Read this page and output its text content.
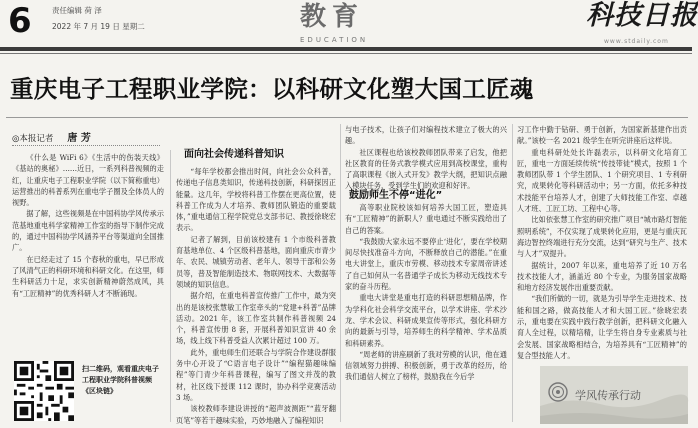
6	责任编辑 荷 泽
2022 年 7 月 19 日 星期二	教育
EDUCATION
科技日报
www.stdaily.com
重庆电子工程职业学院：以科研文化塑大国工匠魂
◎本报记者 唐 芳

《什么是 WiFi 6》《生活中的伤装天线》《基站的奥秘》……近日，一系列科普视频的走红，让重庆电子工程职业学院（以下简称重电）运营推出的科普系列在重电学子圈及全体员人的视野。

据了解，这些视频是在中国科协学风传承示范基地重电科学家精神工作室的指导下制作完成的，通过中国科协学风涵养平台等渠道向全国推广。

在已经走过了 15 个春秋的重电，早已形成了风清气正的科研环境和科研文化。在这里，师生科研活力十足，求实创新精神蔚然成风，具有“工匠精神”的优秀科研人才不断涌现。

扫二维码，观看重庆电子工程职业学院科普视频《区块链》
面向社会传递科普知识

“每年学校都会推出时间，向社会公众科普，传递电子信息类知识，传递科技创新，科研探因正能量。这几年，学校将科普工作摆在更高位置，使科普工作成为人才培养、教师团队锻造的重要载体，”重电通信工程学院党总支部书记、教授徐晓宏表示。

记者了解到，目前该校建有 1 个市级科普教育基地单位、4 个区级科普基地，面向重庆市青少年、农民、城镇劳动者、老年人、领导干部和公务员等，普及智能制造技术、物联网技术、大数据等领域的知识信息。

据介绍，在重电科普宣传推广工作中，最为突出的是该校张慧敏工作室牵头的“党建+科普”品牌活动。2021 年，该工作室共制作科普视频 24 个，科普宣传册 8 套，开展科普知识宣讲 40 余场，线上线下科普受益人次累计超过 100 万。

此外，重电师生们还联合与学院合作建设群服务中心开设了“C语言电子设计”“编程猫趣味编程”等门青少年科普课程，编写了图文并茂的教材，社区线下授课 112 课时，协办科学竞赛活动 3 场。

该校教师李建设讲授的“超声波测距”“蓝牙翻页笔”等若干趣味实验，巧妙地融入了编程知识

与电子技术，让孩子们对编程技术建立了极大的兴趣。

社区课程也给该校教师团队带来了启发，他把社区教育的任务式教学模式应用到高校课堂，重构了高职课程《嵌入式开发》教学大纲，把知识点融入模块任务，受到学生们的欢迎和好评。

鼓励师生不停“进化”

高等职业院校该如何培养大国工匠，塑造具有“工匠精神”的新职人？重电通过不断实践给出了自己的答案。

“我鼓励大家永远不要停止‘进化’，要在学校期间尽快找准奋斗方向，不断释放自己的潜能。”在重电大讲堂上，重庆市劳模、移动技术专家周帝讲述了自己如何从一名普通学子成长为移动无线技术专家的奋斗历程。

重电大讲堂是重电打造的科研思想精品牌，作为学科化社会科学交流平台，以学术讲座、学术沙龙、学术会议、科研成果宣传等形式，强化科研方向的最新与引导，培养师生的科学精神、学术品质和科研素养。

“周老师的讲座刷新了我对劳模的认识，他在通信领域努力拼搏、积极创新，勇于改革的经历，给我们通信人树立了榜样，鼓励我在今后学

习工作中勤于钻研、勇于创新，为国家新基建作出贡献。”该校一名 2021 级学生在听完讲座后这样说。

重电科研处处长许磊表示，以科研文化培育工匠，重电一方面延续传统“传技带徒”模式，按照 1 个教师团队带 1 个学生团队、1 个研究项目、1 专利研究，成果转化等科研活动中；另一方面，依托多种技术技能平台培养人才，创建了大师技能工作室、卓越人才班、工匠工坊、工程中心等。

比如依张慧工作室的研究推广项目“城市路灯智能照明系统”，不仅实现了成果转化应用，更是与重庆瓦海边智控终端进行充分交流，达到“研究与生产、技术与人才”双提升。

据统计，2007 年以来，重电培养了近 10 万名技术技能人才，涵盖近 80 个专业，为服务国家战略和地方经济发展作出重要贡献。

“我们所做的一切，就是为引导学生走进技术、技能和国之路，做高技能人才和大国工匠。”徐晓宏表示，重电要在实践中践行教学创新，把科研文化融入育人全过程，以精培精，让学生将自身专业素质与社会发展、国家战略相结合，为培养具有“工匠精神”的复合型技能人才。

学风传承行动
